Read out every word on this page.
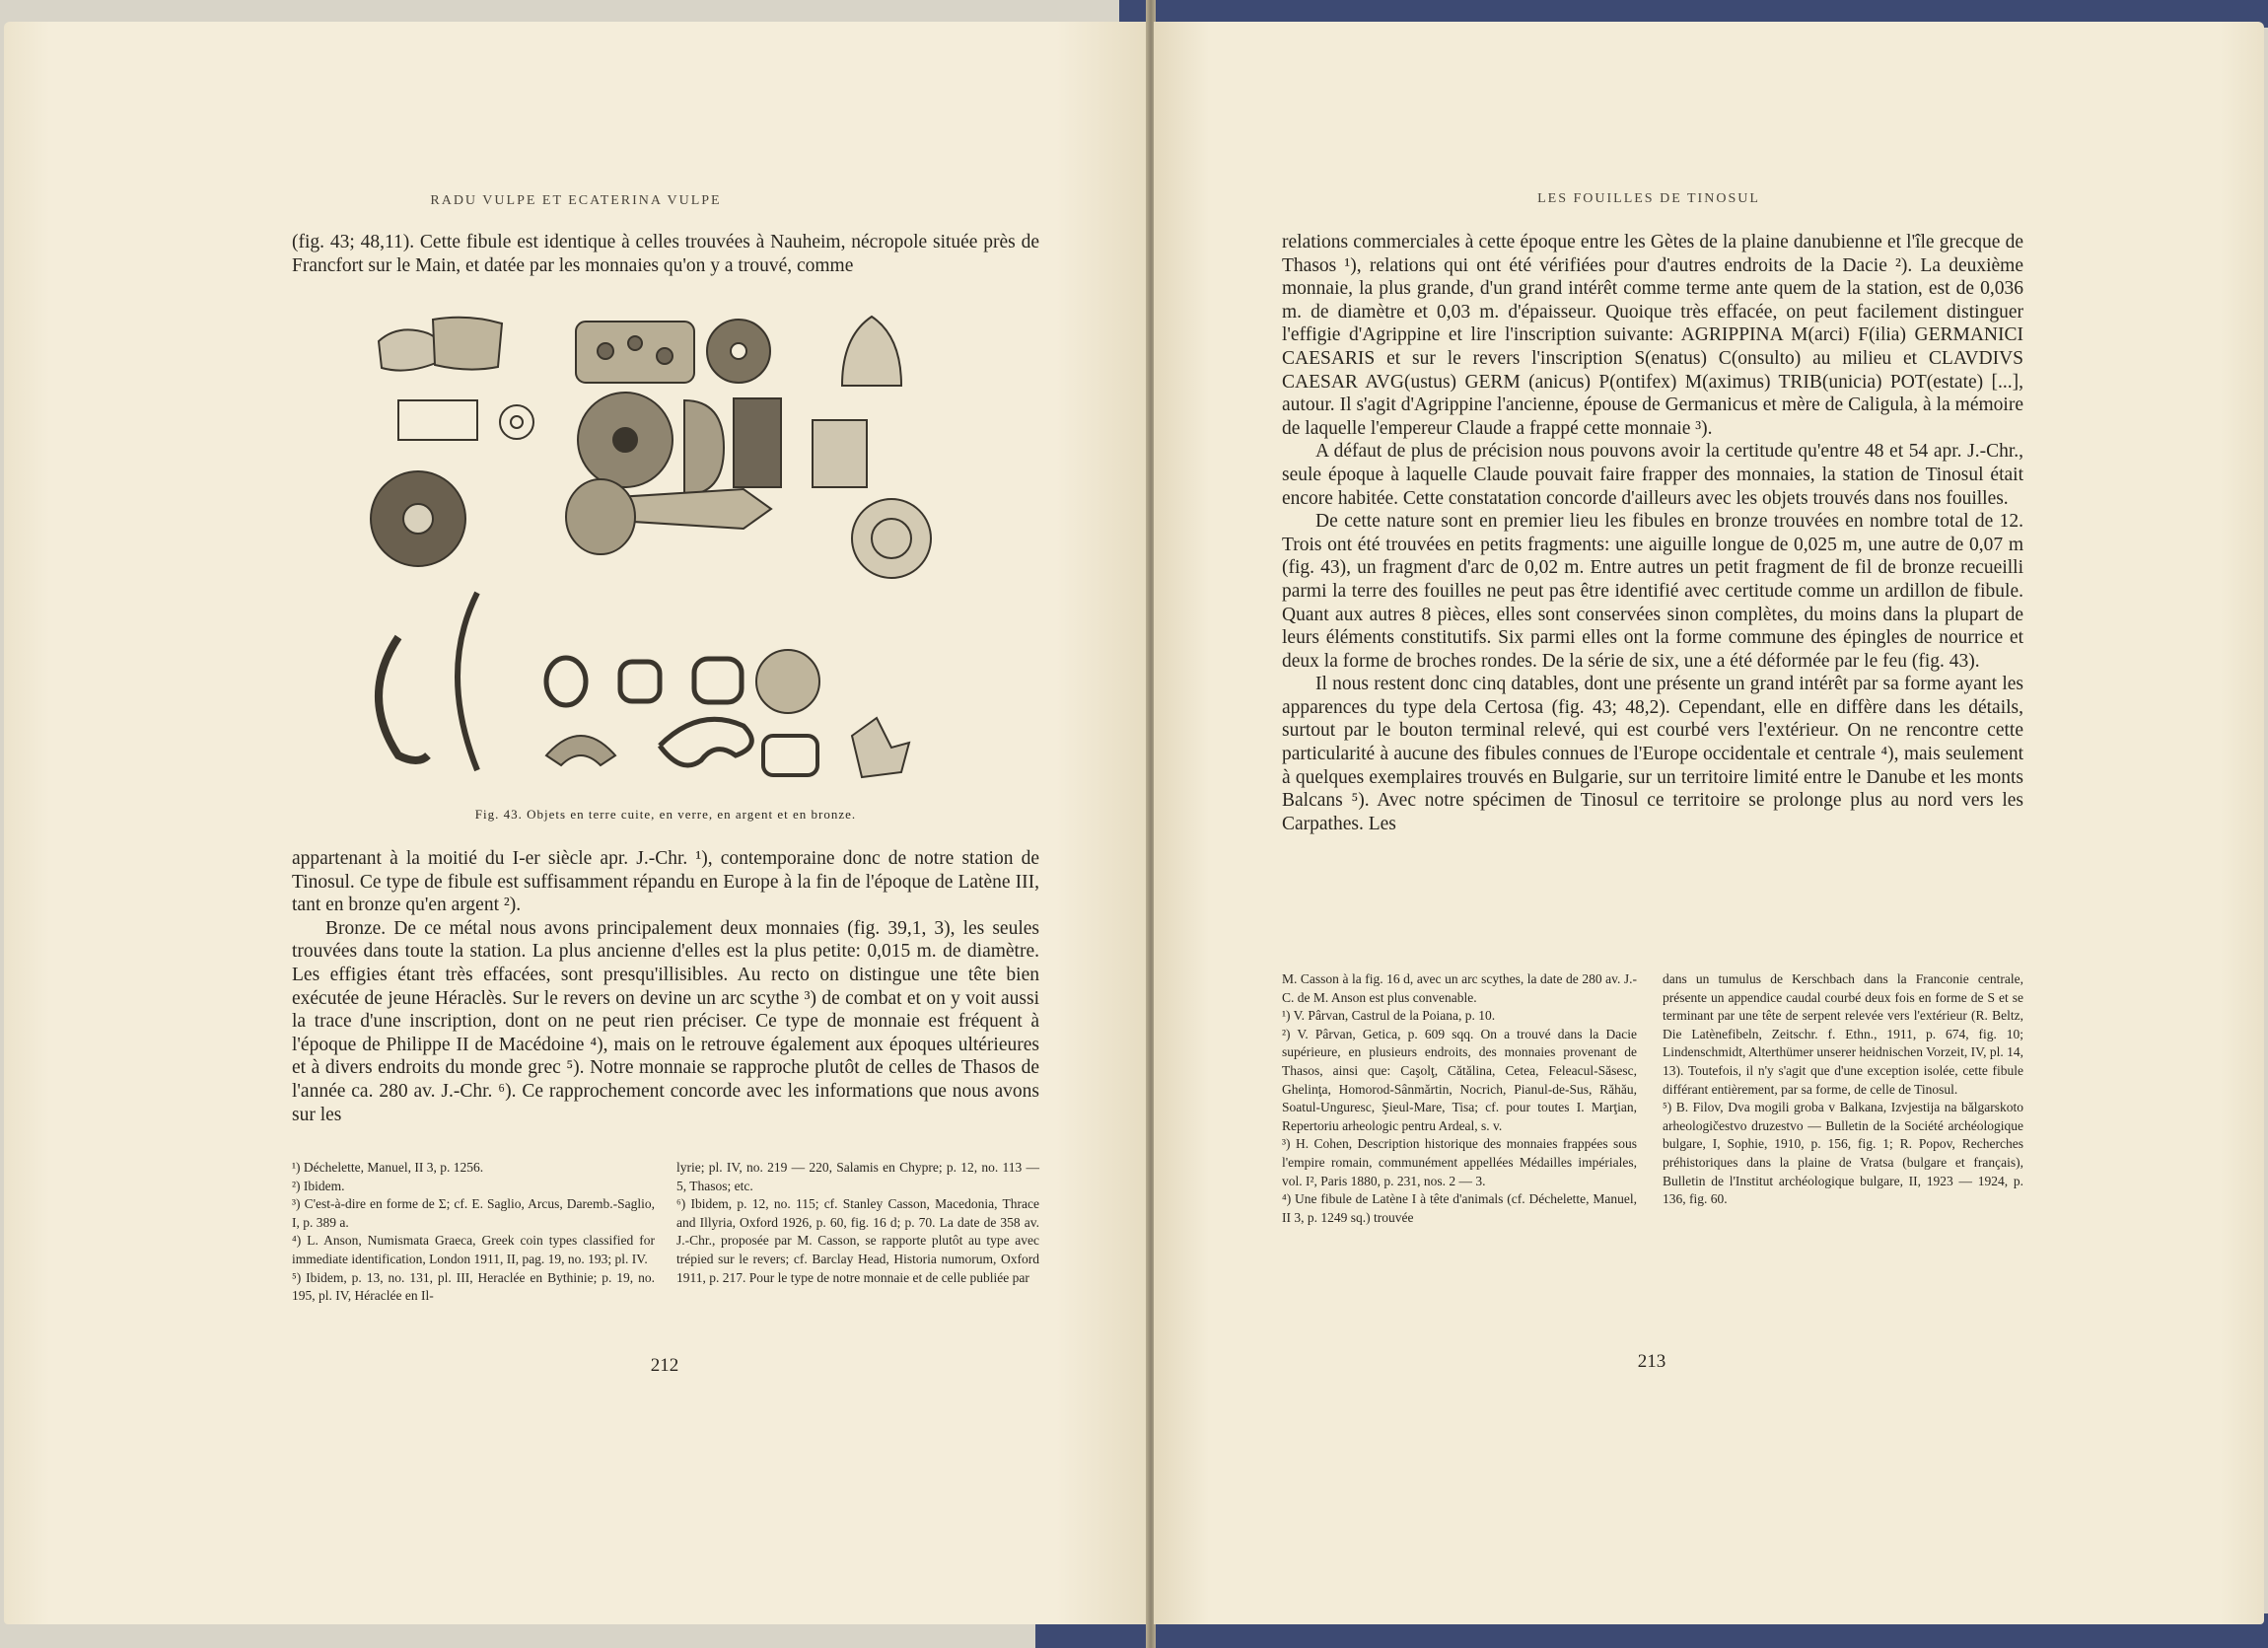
RADU VULPE ET ECATERINA VULPE

(fig. 43; 48,11). Cette fibule est identique à celles trouvées à Nauheim, nécropole située près de Francfort sur le Main, et datée par les monnaies qu'on y a trouvé, comme

Fig. 43. Objets en terre cuite, en verre, en argent et en bronze.

appartenant à la moitié du I-er siècle apr. J.-Chr. ¹), contemporaine donc de notre station de Tinosul. Ce type de fibule est suffisamment répandu en Europe à la fin de l'époque de Latène III, tant en bronze qu'en argent ²).

Bronze. De ce métal nous avons principalement deux monnaies (fig. 39,1, 3), les seules trouvées dans toute la station. La plus ancienne d'elles est la plus petite: 0,015 m. de diamètre. Les effigies étant très effacées, sont presqu'illisibles. Au recto on distingue une tête bien exécutée de jeune Héraclès. Sur le revers on devine un arc scythe ³) de combat et on y voit aussi la trace d'une inscription, dont on ne peut rien préciser. Ce type de monnaie est fréquent à l'époque de Philippe II de Macédoine ⁴), mais on le retrouve également aux époques ultérieures et à divers endroits du monde grec ⁵). Notre monnaie se rapproche plutôt de celles de Thasos de l'année ca. 280 av. J.-Chr. ⁶). Ce rapprochement concorde avec les informations que nous avons sur les

¹) Déchelette, Manuel, II 3, p. 1256.

²) Ibidem.

³) C'est-à-dire en forme de Σ; cf. E. Saglio, Arcus, Daremb.-Saglio, I, p. 389 a.

⁴) L. Anson, Numismata Graeca, Greek coin types classified for immediate identification, London 1911, II, pag. 19, no. 193; pl. IV.

⁵) Ibidem, p. 13, no. 131, pl. III, Heraclée en Bythinie; p. 19, no. 195, pl. IV, Héraclée en Il-

lyrie; pl. IV, no. 219 — 220, Salamis en Chypre; p. 12, no. 113 — 5, Thasos; etc.

⁶) Ibidem, p. 12, no. 115; cf. Stanley Casson, Macedonia, Thrace and Illyria, Oxford 1926, p. 60, fig. 16 d; p. 70. La date de 358 av. J.-Chr., proposée par M. Casson, se rapporte plutôt au type avec trépied sur le revers; cf. Barclay Head, Historia numorum, Oxford 1911, p. 217. Pour le type de notre monnaie et de celle publiée par

212
LES FOUILLES DE TINOSUL

relations commerciales à cette époque entre les Gètes de la plaine danubienne et l'île grecque de Thasos ¹), relations qui ont été vérifiées pour d'autres endroits de la Dacie ²). La deuxième monnaie, la plus grande, d'un grand intérêt comme terme ante quem de la station, est de 0,036 m. de diamètre et 0,03 m. d'épaisseur. Quoique très effacée, on peut facilement distinguer l'effigie d'Agrippine et lire l'inscription suivante: AGRIPPINA M(arci) F(ilia) GERMANICI CAESARIS et sur le revers l'inscription S(enatus) C(onsulto) au milieu et CLAVDIVS CAESAR AVG(ustus) GERM (anicus) P(ontifex) M(aximus) TRIB(unicia) POT(estate) [...], autour. Il s'agit d'Agrippine l'ancienne, épouse de Germanicus et mère de Caligula, à la mémoire de laquelle l'empereur Claude a frappé cette monnaie ³).

A défaut de plus de précision nous pouvons avoir la certitude qu'entre 48 et 54 apr. J.-Chr., seule époque à laquelle Claude pouvait faire frapper des monnaies, la station de Tinosul était encore habitée. Cette constatation concorde d'ailleurs avec les objets trouvés dans nos fouilles.

De cette nature sont en premier lieu les fibules en bronze trouvées en nombre total de 12. Trois ont été trouvées en petits fragments: une aiguille longue de 0,025 m, une autre de 0,07 m (fig. 43), un fragment d'arc de 0,02 m. Entre autres un petit fragment de fil de bronze recueilli parmi la terre des fouilles ne peut pas être identifié avec certitude comme un ardillon de fibule. Quant aux autres 8 pièces, elles sont conservées sinon complètes, du moins dans la plupart de leurs éléments constitutifs. Six parmi elles ont la forme commune des épingles de nourrice et deux la forme de broches rondes. De la série de six, une a été déformée par le feu (fig. 43).

Il nous restent donc cinq datables, dont une présente un grand intérêt par sa forme ayant les apparences du type dela Certosa (fig. 43; 48,2). Cependant, elle en diffère dans les détails, surtout par le bouton terminal relevé, qui est courbé vers l'extérieur. On ne rencontre cette particularité à aucune des fibules connues de l'Europe occidentale et centrale ⁴), mais seulement à quelques exemplaires trouvés en Bulgarie, sur un territoire limité entre le Danube et les monts Balcans ⁵). Avec notre spécimen de Tinosul ce territoire se prolonge plus au nord vers les Carpathes. Les

M. Casson à la fig. 16 d, avec un arc scythes, la date de 280 av. J.-C. de M. Anson est plus convenable.

¹) V. Pârvan, Castrul de la Poiana, p. 10.

²) V. Pârvan, Getica, p. 609 sqq. On a trouvé dans la Dacie supérieure, en plusieurs endroits, des monnaies provenant de Thasos, ainsi que: Caşolţ, Cătălina, Cetea, Feleacul-Săsesc, Ghelinţa, Homorod-Sânmărtin, Nocrich, Pianul-de-Sus, Răhău, Soatul-Unguresc, Şieul-Mare, Tisa; cf. pour toutes I. Marţian, Repertoriu arheologic pentru Ardeal, s. v.

³) H. Cohen, Description historique des monnaies frappées sous l'empire romain, communément appellées Médailles impériales, vol. I², Paris 1880, p. 231, nos. 2 — 3.

⁴) Une fibule de Latène I à tête d'animals (cf. Déchelette, Manuel, II 3, p. 1249 sq.) trouvée

dans un tumulus de Kerschbach dans la Franconie centrale, présente un appendice caudal courbé deux fois en forme de S et se terminant par une tête de serpent relevée vers l'extérieur (R. Beltz, Die Latènefibeln, Zeitschr. f. Ethn., 1911, p. 674, fig. 10; Lindenschmidt, Alterthümer unserer heidnischen Vorzeit, IV, pl. 14, 13). Toutefois, il n'y s'agit que d'une exception isolée, cette fibule différant entièrement, par sa forme, de celle de Tinosul.

⁵) B. Filov, Dva mogili groba v Balkana, Izvjestija na bălgarskoto arheologičestvo druzestvo — Bulletin de la Société archéologique bulgare, I, Sophie, 1910, p. 156, fig. 1; R. Popov, Recherches préhistoriques dans la plaine de Vratsa (bulgare et français), Bulletin de l'Institut archéologique bulgare, II, 1923 — 1924, p. 136, fig. 60.

213
